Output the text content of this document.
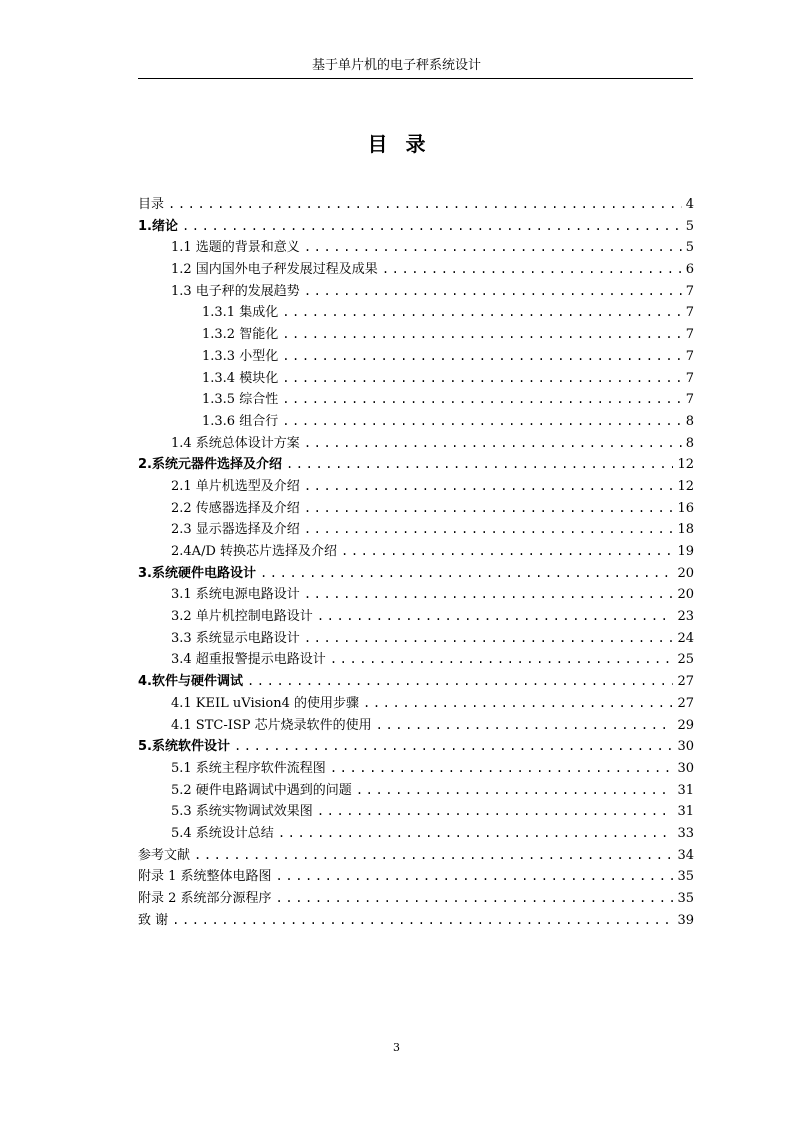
基于单片机的电子秤系统设计
目录
目录 .....	4
1.绪论 .....	5
1.1 选题的背景和意义 .....	5
1.2 国内国外电子秤发展过程及成果 .....	6
1.3 电子秤的发展趋势 .....	7
1.3.1 集成化 .....	7
1.3.2 智能化 .....	7
1.3.3 小型化 .....	7
1.3.4 模块化 .....	7
1.3.5 综合性 .....	7
1.3.6 组合行 .....	8
1.4 系统总体设计方案 .....	8
2.系统元器件选择及介绍 .....	12
2.1 单片机选型及介绍 .....	12
2.2 传感器选择及介绍 .....	16
2.3 显示器选择及介绍 .....	18
2.4A/D 转换芯片选择及介绍 .....	19
3.系统硬件电路设计 .....	20
3.1 系统电源电路设计 .....	20
3.2 单片机控制电路设计 .....	23
3.3 系统显示电路设计 .....	24
3.4 超重报警提示电路设计 .....	25
4.软件与硬件调试 .....	27
4.1 KEIL uVision4 的使用步骤 .....	27
4.1 STC-ISP 芯片烧录软件的使用 .....	29
5.系统软件设计 .....	30
5.1 系统主程序软件流程图 .....	30
5.2 硬件电路调试中遇到的问题 .....	31
5.3 系统实物调试效果图 .....	31
5.4 系统设计总结 .....	33
参考文献 .....	34
附录 1 系统整体电路图 .....	35
附录 2 系统部分源程序 .....	35
致 谢 .....	39
3
